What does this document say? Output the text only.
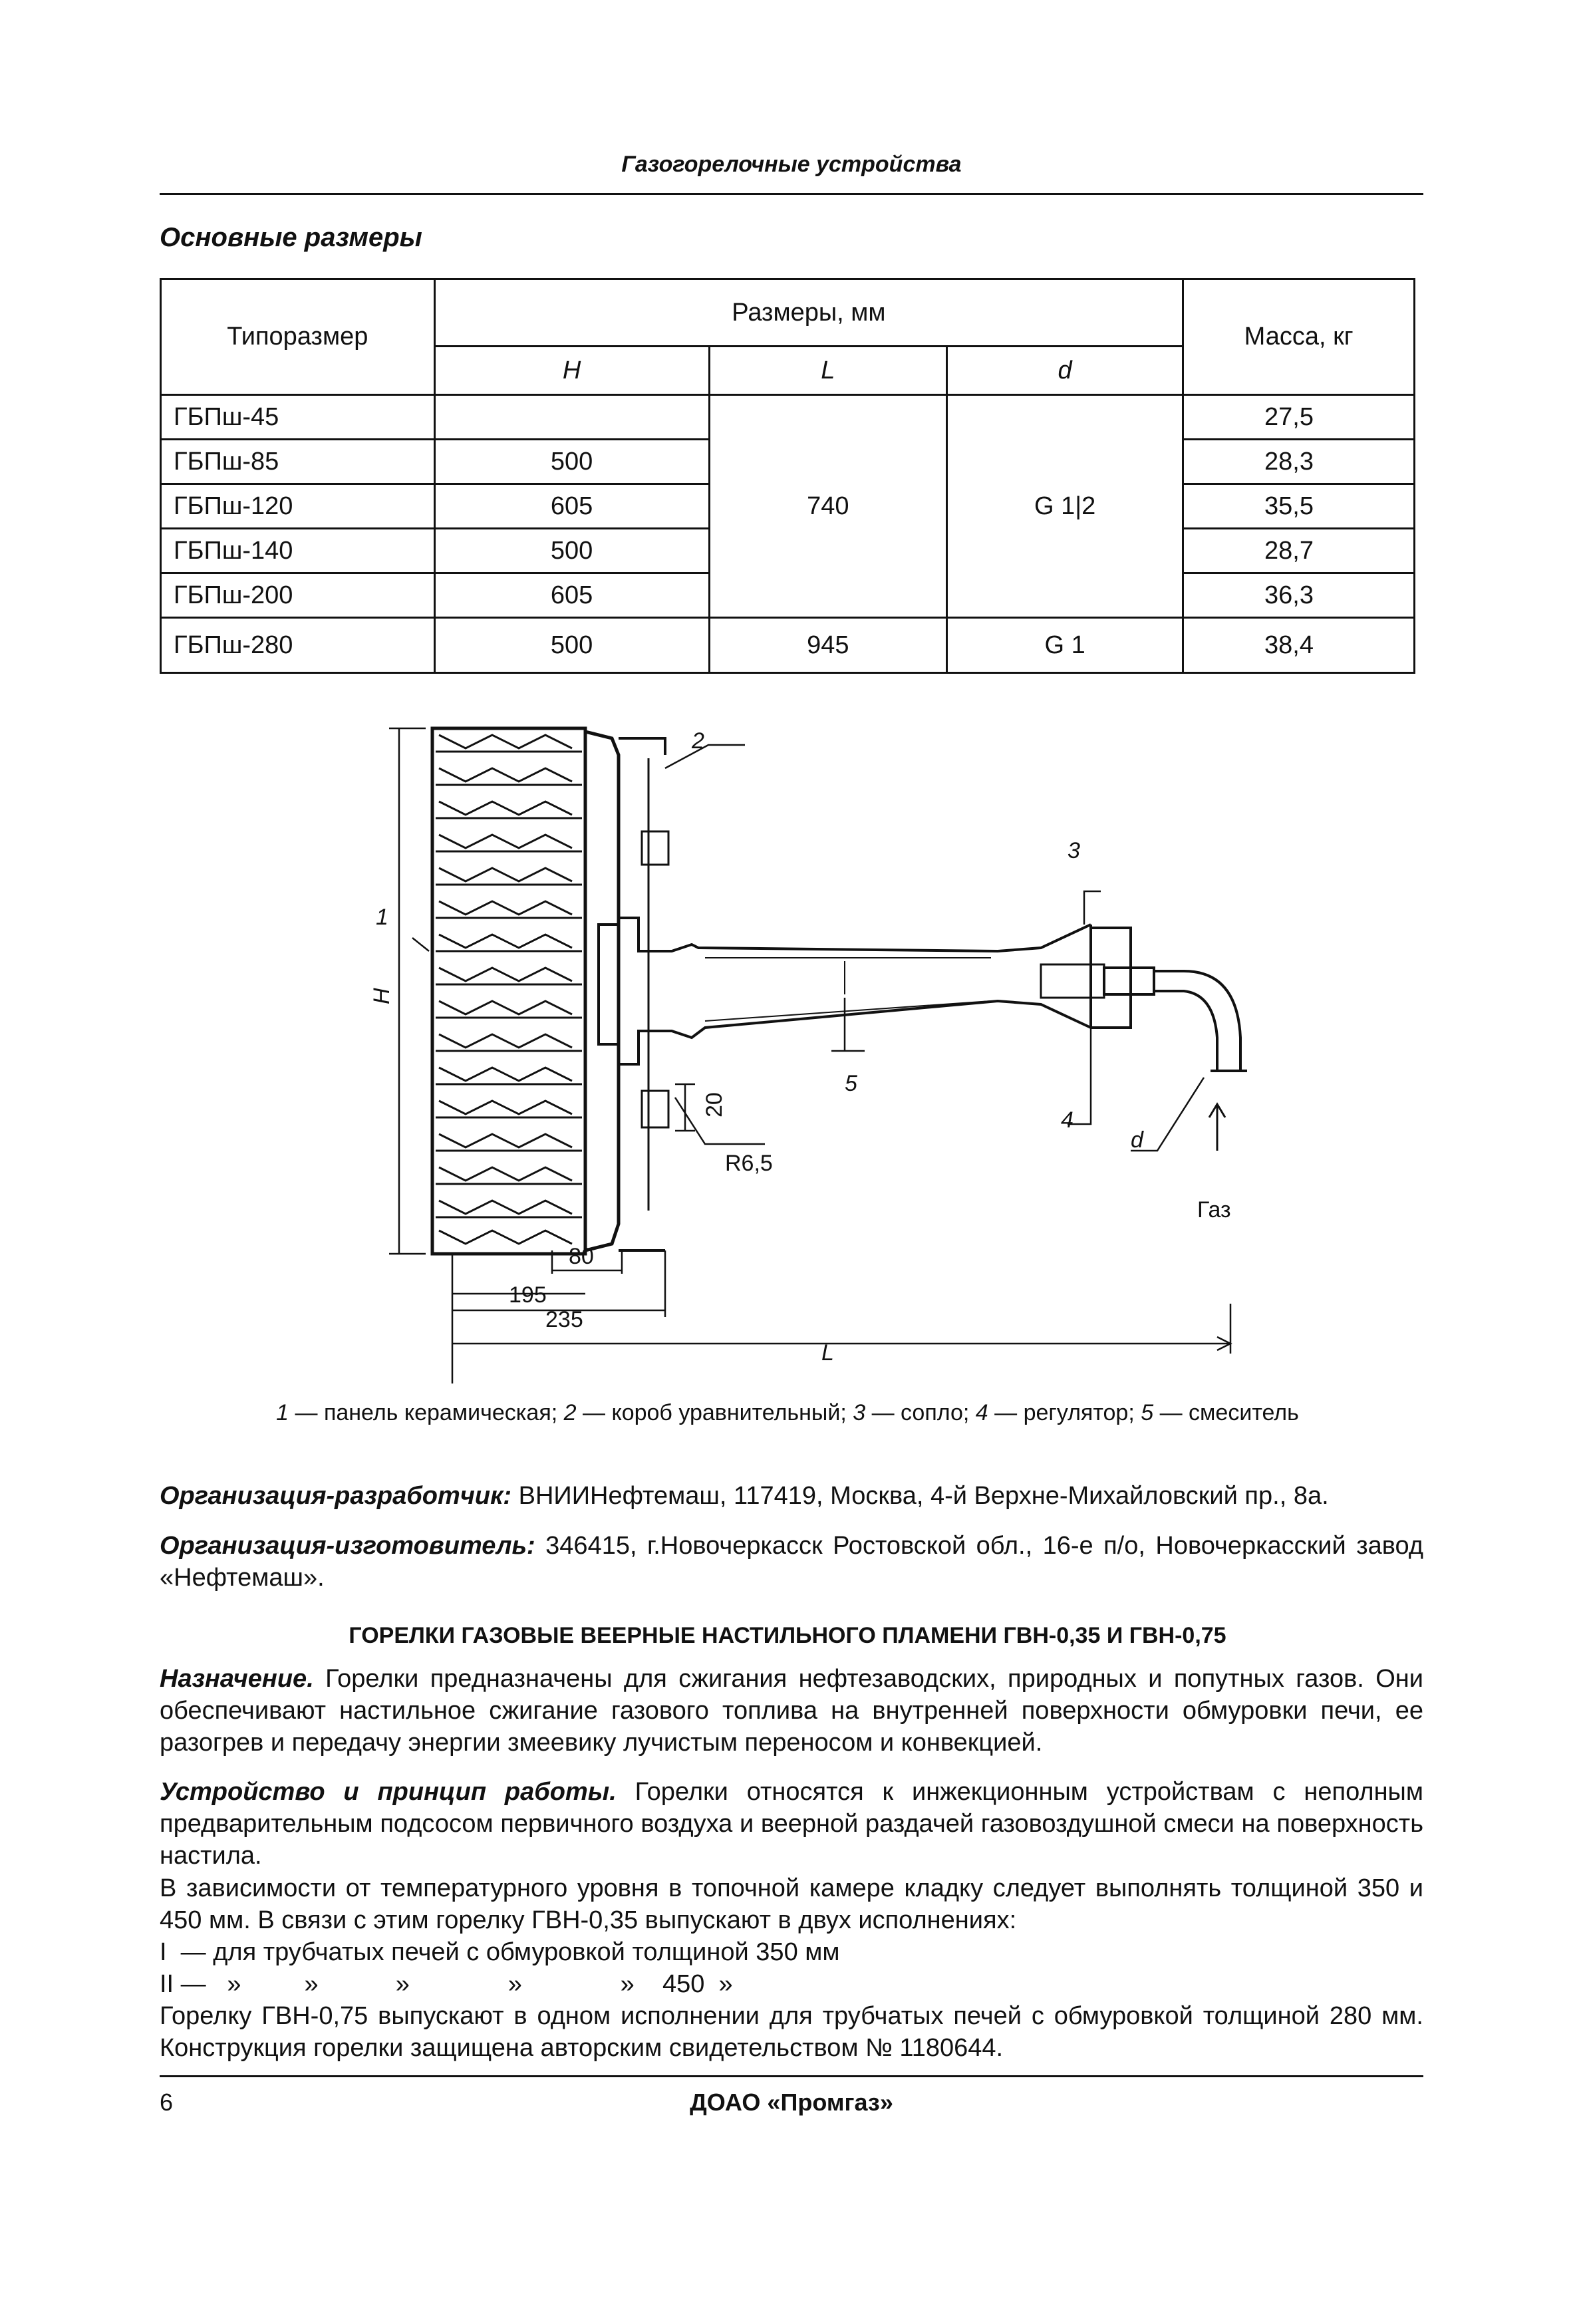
Газогорелочные устройства
Основные размеры
Типоразмер	Размеры, мм			Масса, кг
	H	L	d	
ГБПш-45		740	G 1|2	27,5
ГБПш-85	500			28,3
ГБПш-120	605			35,5
ГБПш-140	500			28,7
ГБПш-200	605			36,3
ГБПш-280	500	945	G 1	38,4
2
3
1
5
4
d
L
Газ
H
R6,5
20
80
195
235
1 — панель керамическая; 2 — короб уравнительный; 3 — сопло; 4 — регулятор; 5 — смеситель
Организация-разработчик: ВНИИНефтемаш, 117419, Москва, 4-й Верхне-Михайловский пр., 8а.
Организация-изготовитель: 346415, г.Новочеркасск Ростовской обл., 16-е п/о, Новочеркасский завод «Нефтемаш».
ГОРЕЛКИ ГАЗОВЫЕ ВЕЕРНЫЕ НАСТИЛЬНОГО ПЛАМЕНИ ГВН-0,35 И ГВН-0,75
Назначение. Горелки предназначены для сжигания нефтезаводских, природных и попутных газов. Они обеспечивают настильное сжигание газового топлива на внутренней поверхности обмуровки печи, ее разогрев и передачу энергии змеевику лучистым переносом и конвекцией.
Устройство и принцип работы. Горелки относятся к инжекционным устройствам с неполным предварительным подсосом первичного воздуха и веерной раздачей газовоздушной смеси на поверхность настила.
В зависимости от температурного уровня в топочной камере кладку следует выполнять толщиной 350 и 450 мм. В связи с этим горелку ГВН-0,35 выпускают в двух исполнениях:
I  — для трубчатых печей с обмуровкой толщиной 350 мм
II —   »         »           »              »              »    450  »
Горелку ГВН-0,75 выпускают в одном исполнении для трубчатых печей с обмуровкой толщиной 280 мм. Конструкция горелки защищена авторским свидетельством № 1180644.
6	ДОАО «Промгаз»
